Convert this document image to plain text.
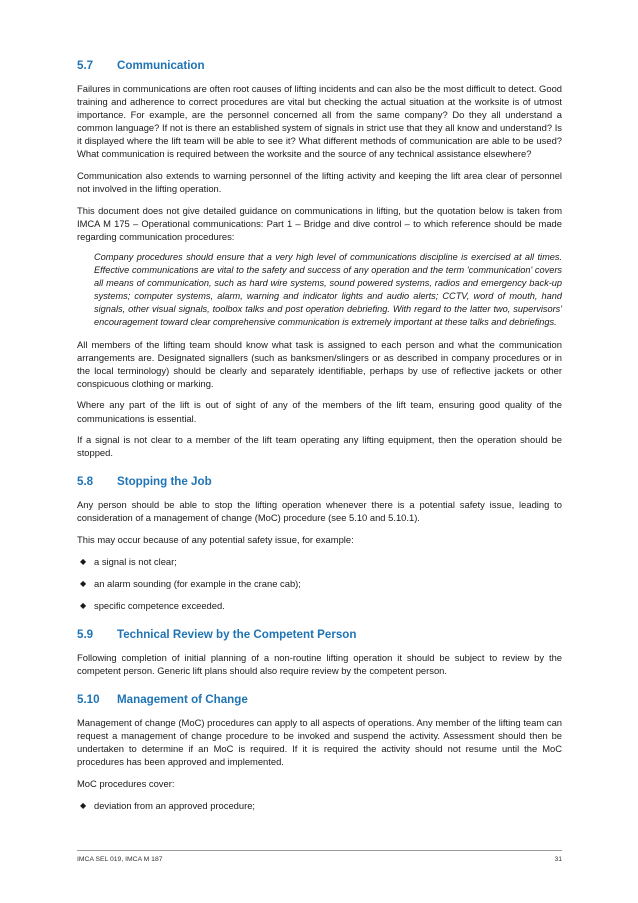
5.7	Communication

Failures in communications are often root causes of lifting incidents and can also be the most difficult to detect. Good training and adherence to correct procedures are vital but checking the actual situation at the worksite is of utmost importance. For example, are the personnel concerned all from the same company? Do they all understand a common language? If not is there an established system of signals in strict use that they all know and understand? Is it displayed where the lift team will be able to see it? What different methods of communication are able to be used? What communication is required between the worksite and the source of any technical assistance elsewhere?

Communication also extends to warning personnel of the lifting activity and keeping the lift area clear of personnel not involved in the lifting operation.

This document does not give detailed guidance on communications in lifting, but the quotation below is taken from IMCA M 175 – Operational communications: Part 1 – Bridge and dive control – to which reference should be made regarding communication procedures:

Company procedures should ensure that a very high level of communications discipline is exercised at all times. Effective communications are vital to the safety and success of any operation and the term 'communication' covers all means of communication, such as hard wire systems, sound powered systems, radios and emergency back-up systems; computer systems, alarm, warning and indicator lights and audio alerts; CCTV, word of mouth, hand signals, other visual signals, toolbox talks and post operation debriefing. With regard to the latter two, supervisors' encouragement toward clear comprehensive communication is extremely important at these talks and debriefings.

All members of the lifting team should know what task is assigned to each person and what the communication arrangements are. Designated signallers (such as banksmen/slingers or as described in company procedures or in the local terminology) should be clearly and separately identifiable, perhaps by use of reflective jackets or other conspicuous clothing or marking.

Where any part of the lift is out of sight of any of the members of the lift team, ensuring good quality of the communications is essential.

If a signal is not clear to a member of the lift team operating any lifting equipment, then the operation should be stopped.

5.8	Stopping the Job

Any person should be able to stop the lifting operation whenever there is a potential safety issue, leading to consideration of a management of change (MoC) procedure (see 5.10 and 5.10.1).

This may occur because of any potential safety issue, for example:

◆ a signal is not clear;
◆ an alarm sounding (for example in the crane cab);
◆ specific competence exceeded.
5.9	Technical Review by the Competent Person

Following completion of initial planning of a non-routine lifting operation it should be subject to review by the competent person. Generic lift plans should also require review by the competent person.

5.10	Management of Change

Management of change (MoC) procedures can apply to all aspects of operations. Any member of the lifting team can request a management of change procedure to be invoked and suspend the activity. Assessment should then be undertaken to determine if an MoC is required. If it is required the activity should not resume until the MoC procedures has been approved and implemented.

MoC procedures cover:

◆ deviation from an approved procedure;
IMCA SEL 019, IMCA M 187	31
